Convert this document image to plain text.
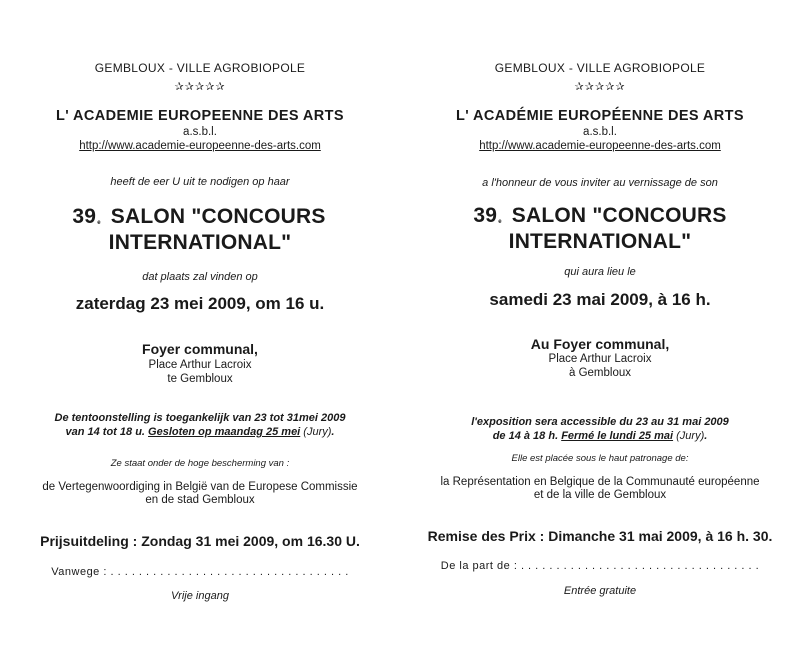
GEMBLOUX - VILLE AGROBIOPOLE
✰✰✰✰✰
L' ACADEMIE EUROPEENNE DES ARTS
a.s.b.l.
http://www.academie-europeenne-des-arts.com
heeft de eer U uit te nodigen op haar
39e SALON "CONCOURS
INTERNATIONAL"
dat plaats zal vinden op
zaterdag 23 mei 2009, om 16 u.
Foyer communal,
Place Arthur Lacroix
te Gembloux
De tentoonstelling is toegankelijk van 23 tot 31mei 2009
van 14 tot 18 u. Gesloten op maandag 25 mei (Jury).
Ze staat onder de hoge bescherming van :
de Vertegenwoordiging in België van de Europese Commissie
en de stad Gembloux
Prijsuitdeling : Zondag 31 mei 2009, om 16.30 U.
Vanwege : . . . . . . . . . . . . . . . . . . . . . . . . . . . . . . . . . .
Vrije ingang
GEMBLOUX - VILLE AGROBIOPOLE
✰✰✰✰✰
L' ACADÉMIE EUROPÉENNE DES ARTS
a.s.b.l.
http://www.academie-europeenne-des-arts.com
a l'honneur de vous inviter au vernissage de son
39e SALON "CONCOURS
INTERNATIONAL"
qui aura lieu le
samedi 23 mai 2009, à 16 h.
Au Foyer communal,
Place Arthur Lacroix
à Gembloux
l'exposition sera accessible du 23 au 31 mai 2009
de 14 à 18 h. Fermé le lundi 25 mai (Jury).
Elle est placée sous le haut patronage de:
la Représentation en Belgique de la Communauté européenne
et de la ville de Gembloux
Remise des Prix : Dimanche 31 mai 2009, à 16 h. 30.
De la part de : . . . . . . . . . . . . . . . . . . . . . . . . . . . . . . . . . .
Entrée gratuite
